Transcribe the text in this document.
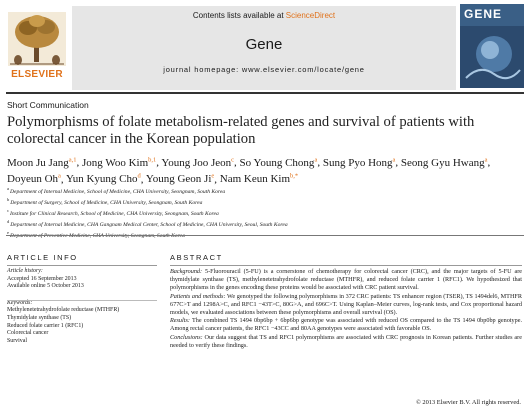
ELSEVIER
Contents lists available at ScienceDirect
Gene
journal homepage: www.elsevier.com/locate/gene
GENE
Short Communication
Polymorphisms of folate metabolism-related genes and survival of patients with colorectal cancer in the Korean population
Moon Ju Jang$^{a,1}$, Jong Woo Kim$^{b,1}$, Young Joo Jeon$^c$, So Young Chong$^a$, Sung Pyo Hong$^a$, Seong Gyu Hwang$^a$, Doyeun Oh$^a$, Yun Kyung Cho$^d$, Young Geon Ji$^e$, Nam Keun Kim$^{b,*}$
$^a$Department of Internal Medicine, School of Medicine, CHA University, Seongnam, South Korea
$^b$Department of Surgery, School of Medicine, CHA University, Seongnam, South Korea
$^c$Institute for Clinical Research, School of Medicine, CHA University, Seongnam, South Korea
$^d$Department of Internal Medicine, CHA Gangnam Medical Center, School of Medicine, CHA University, Seoul, South Korea
$^e$Department of Preventive Medicine, CHA University, Seongnam, South Korea
ARTICLE INFO
Article history:
Accepted 16 September 2013
Available online 5 October 2013
Keywords:
Methylenetetrahydrofolate reductase (MTHFR)
Thymidylate synthase (TS)
Reduced folate carrier 1 (RFC1)
Colorectal cancer
Survival
ABSTRACT
Background: 5-Fluorouracil (5-FU) is a cornerstone of chemotherapy for colorectal cancer (CRC), and the major targets of 5-FU are thymidylate synthase (TS), methylenetetrahydrofolate reductase (MTHFR), and reduced folate carrier 1 (RFC1). We hypothesized that polymorphisms in the genes encoding these proteins would be associated with CRC patient survival.
Patients and methods: We genotyped the following polymorphisms in 372 CRC patients: TS enhancer region (TSER), TS 1494del6, MTHFR 677C>T and 1298A>C, and RFC1 −43T>C, 80G>A, and 696C>T. Using Kaplan–Meier curves, log-rank tests, and Cox proportional hazard models, we evaluated associations between these polymorphisms and overall survival (OS).
Results: The combined TS 1494 0bp6bp + 6bp6bp genotype was associated with reduced OS compared to the TS 1494 0bp0bp genotype. Among rectal cancer patients, the RFC1 −43CC and 80AA genotypes were associated with favorable OS.
Conclusions: Our data suggest that TS and RFC1 polymorphisms are associated with CRC prognosis in Korean patients. Further studies are needed to verify these findings.
© 2013 Elsevier B.V. All rights reserved.
